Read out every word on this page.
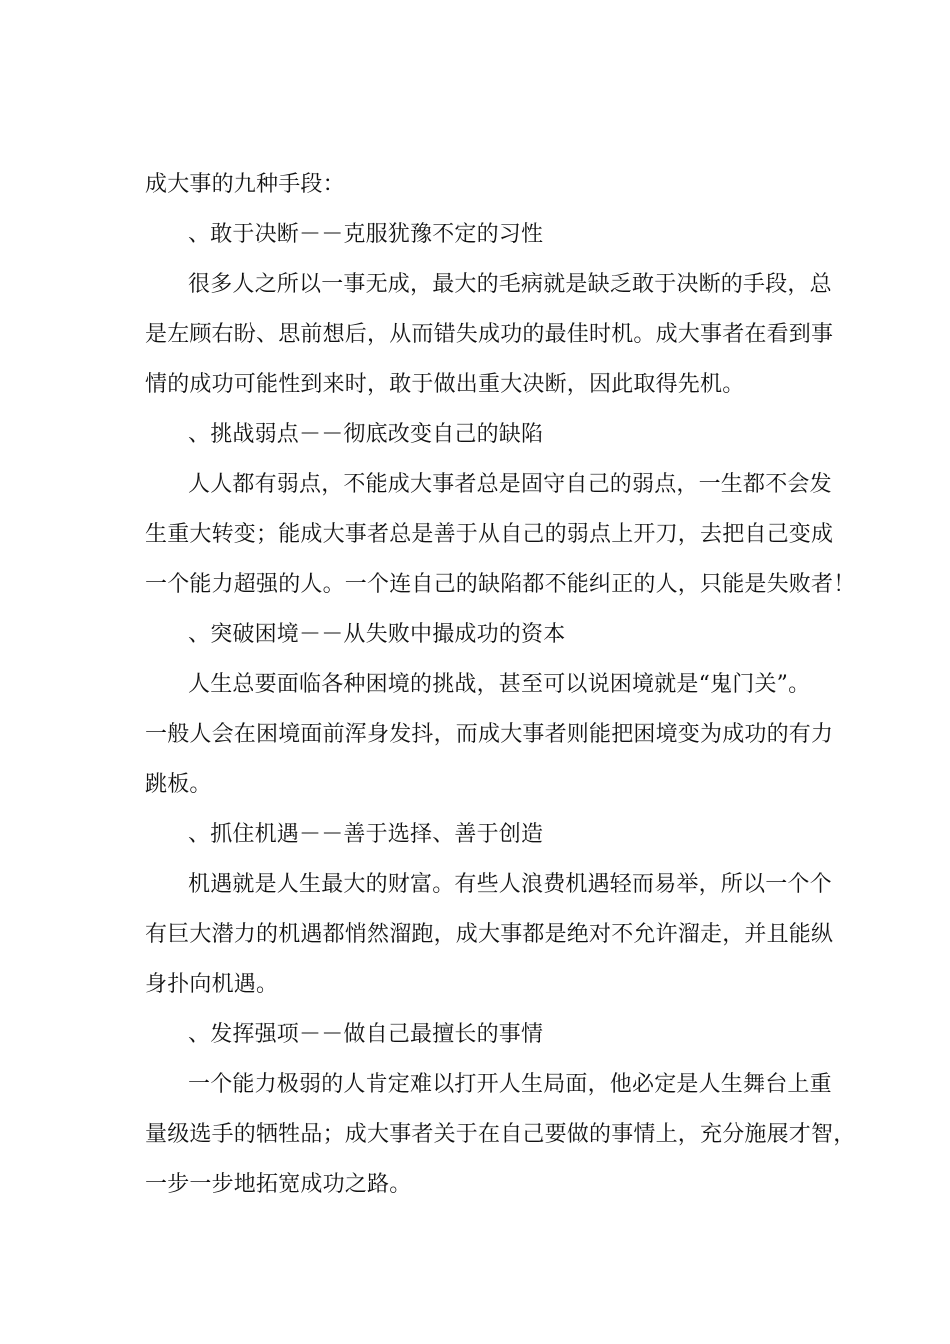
成大事的九种手段：
、敢于决断－－克服犹豫不定的习性
很多人之所以一事无成，最大的毛病就是缺乏敢于决断的手段，总
是左顾右盼、思前想后，从而错失成功的最佳时机。成大事者在看到事
情的成功可能性到来时，敢于做出重大决断，因此取得先机。
、挑战弱点－－彻底改变自己的缺陷
人人都有弱点，不能成大事者总是固守自己的弱点，一生都不会发
生重大转变；能成大事者总是善于从自己的弱点上开刀，去把自己变成
一个能力超强的人。一个连自己的缺陷都不能纠正的人，只能是失败者！
、突破困境－－从失败中撮成功的资本
人生总要面临各种困境的挑战，甚至可以说困境就是“鬼门关”。
一般人会在困境面前浑身发抖，而成大事者则能把困境变为成功的有力
跳板。
、抓住机遇－－善于选择、善于创造
机遇就是人生最大的财富。有些人浪费机遇轻而易举，所以一个个
有巨大潜力的机遇都悄然溜跑，成大事都是绝对不允许溜走，并且能纵
身扑向机遇。
、发挥强项－－做自己最擅长的事情
一个能力极弱的人肯定难以打开人生局面，他必定是人生舞台上重
量级选手的牺牲品；成大事者关于在自己要做的事情上，充分施展才智，
一步一步地拓宽成功之路。
